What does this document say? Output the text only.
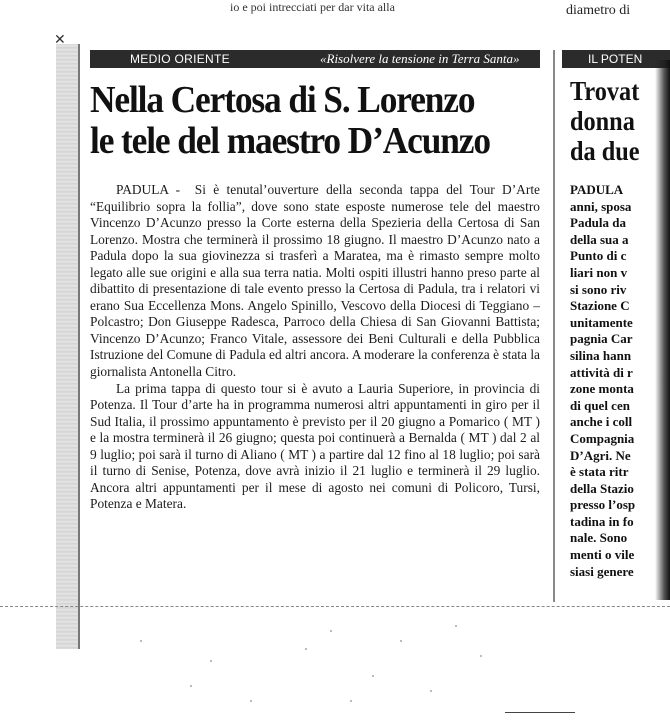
io e poi intrecciati per dar vita alla	diametro di
✕
MEDIO ORIENTE	«Risolvere la tensione in Terra Santa»
Nella Certosa di S. Lorenzo
le tele del maestro D’Acunzo

PADULA - Si è tenutal’ouverture della seconda tappa del Tour D’Arte “Equilibrio sopra la follia”, dove sono state esposte numerose tele del maestro Vincenzo D’Acunzo presso la Corte esterna della Spezieria della Certosa di San Lorenzo. Mostra che terminerà il prossimo 18 giugno. Il maestro D’Acunzo nato a Padula dopo la sua giovinezza si trasferì a Maratea, ma è rimasto sempre molto legato alle sue origini e alla sua terra natia. Molti ospiti illustri hanno preso parte al dibattito di presentazione di tale evento presso la Certosa di Padula, tra i relatori vi erano Sua Eccellenza Mons. Angelo Spinillo, Vescovo della Diocesi di Teggiano – Polcastro; Don Giuseppe Radesca, Parroco della Chiesa di San Giovanni Battista; Vincenzo D’Acunzo; Franco Vitale, assessore dei Beni Culturali e della Pubblica Istruzione del Comune di Padula ed altri ancora. A moderare la conferenza è stata la giornalista Antonella Citro.

La prima tappa di questo tour si è avuto a Lauria Superiore, in provincia di Potenza. Il Tour d’arte ha in programma numerosi altri appuntamenti in giro per il Sud Italia, il prossimo appuntamento è previsto per il 20 giugno a Pomarico ( MT ) e la mostra terminerà il 26 giugno; questa poi continuerà a Bernalda ( MT ) dal 2 al 9 luglio; poi sarà il turno di Aliano ( MT ) a partire dal 12 fino al 18 luglio; poi sarà il turno di Senise, Potenza, dove avrà inizio il 21 luglio e terminerà il 29 luglio. Ancora altri appuntamenti per il mese di agosto nei comuni di Policoro, Tursi, Potenza e Matera.

IL POTEN
Trovat
donna
da due
PADULA
anni, sposa
Padula da
della sua a
Punto di c
liari non v
si sono riv
Stazione C
unitamente
pagnia Car
silina hann
attività di r
zone monta
di quel cen
anche i coll
Compagnia
D’Agri. Ne
è stata ritr
della Stazio
presso l’osp
tadina in fo
nale. Sono
menti o vile
siasi genere
